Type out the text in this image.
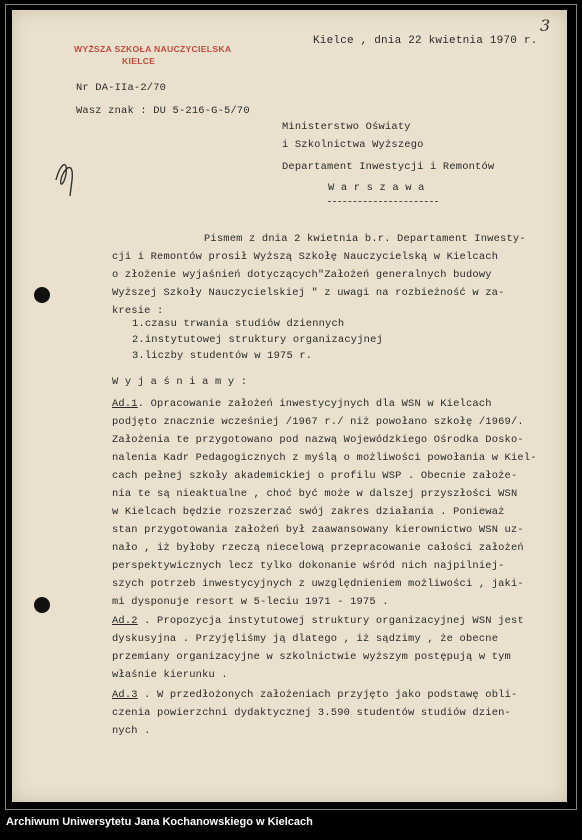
3
WYŻSZA SZKOŁA NAUCZYCIELSKA
KIELCE
Kielce , dnia 22 kwietnia 1970 r.
Nr DA-IIa-2/70
Wasz znak : DU 5-216-G-5/70
Ministerstwo Oświaty
i Szkolnictwa Wyższego
Departament Inwestycji i Remontów
W a r s z a w a
Pismem z dnia 2 kwietnia b.r. Departament Inwesty-
cji i Remontów prosił Wyższą Szkołę Nauczycielską w Kielcach
o złożenie wyjaśnień dotyczących"Założeń generalnych budowy
Wyższej Szkoły Nauczycielskiej " z uwagi na rozbieżność w za-
kresie :
1.czasu trwania studiów dziennych
2.instytutowej struktury organizacyjnej
3.liczby studentów w 1975 r.
W y j a ś n i a m y :
Ad.1. Opracowanie założeń inwestycyjnych dla WSN w Kielcach
podjęto znacznie wcześniej /1967 r./ niż powołano szkołę /1969/.
Założenia te przygotowano pod nazwą Wojewódzkiego Ośrodka Dosko-
nalenia Kadr Pedagogicznych z myślą o możliwości powołania w Kiel-
cach pełnej szkoły akademickiej o profilu WSP . Obecnie założe-
nia te są nieaktualne , choć być może w dalszej przyszłości WSN
w Kielcach będzie rozszerzać swój zakres działania . Ponieważ
stan przygotowania założeń był zaawansowany kierownictwo WSN uz-
nało , iż byłoby rzeczą niecelową przepracowanie całości założeń
perspektywicznych lecz tylko dokonanie wśród nich najpilniej-
szych potrzeb inwestycyjnych z uwzględnieniem możliwości , jaki-
mi dysponuje resort w 5-leciu 1971 - 1975 .
Ad.2 . Propozycja instytutowej struktury organizacyjnej WSN jest
dyskusyjna . Przyjęliśmy ją dlatego , iż sądzimy , że obecne
przemiany organizacyjne w szkolnictwie wyższym postępują w tym
właśnie kierunku .
Ad.3 . W przedłożonych założeniach przyjęto jako podstawę obli-
czenia powierzchni dydaktycznej 3.590 studentów studiów dzien-
nych .
Archiwum Uniwersytetu Jana Kochanowskiego w Kielcach
